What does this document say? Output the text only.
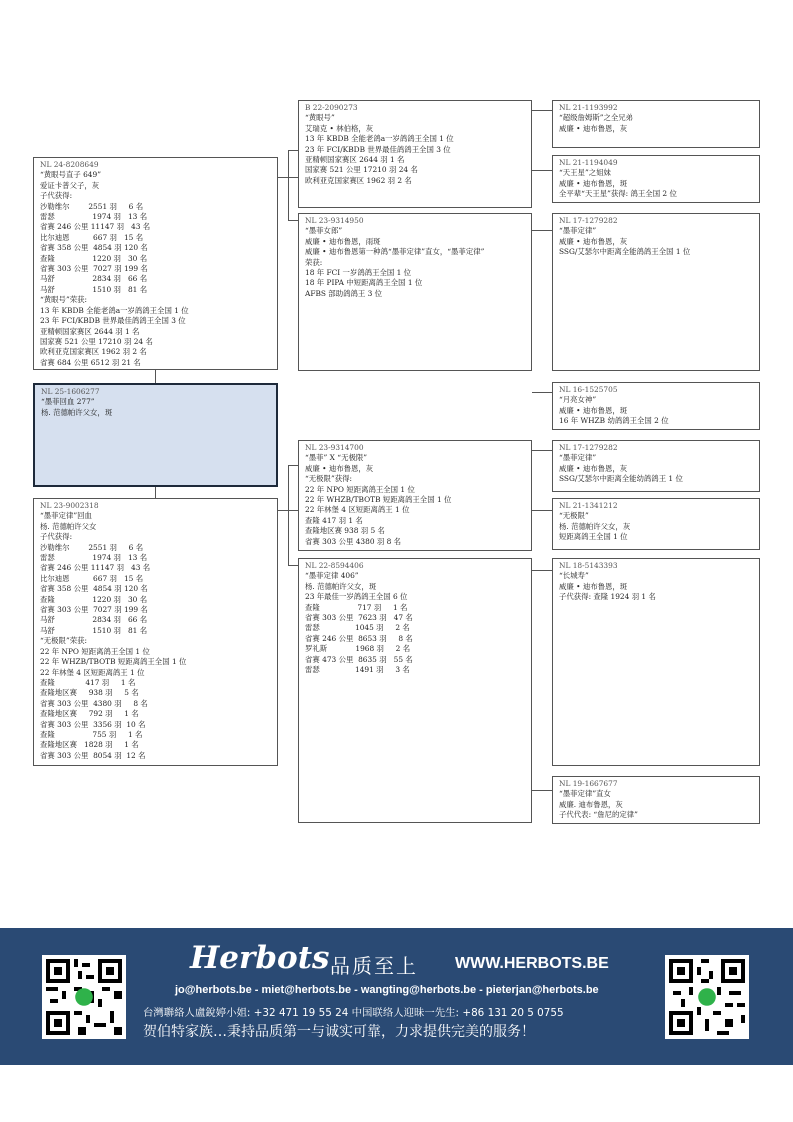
NL 24-8208649
“黄眼号直子 649”
爱证卡普父子，灰
子代获得:
沙勒维尔        2551 羽     6 名
雷瑟                1974 羽   13 名
省赛 246 公里 11147 羽   43 名
比尔迪恩          667 羽   15 名
省赛 358 公里  4854 羽 120 名
查隆                1220 羽   30 名
省赛 303 公里  7027 羽 199 名
马舒                2834 羽   66 名
马舒                1510 羽   81 名
“黄眼号”荣获:
13 年 KBDB 全能老鸽a一岁鸽鸽王全国 1 位
23 年 FCI/KBDB 世界最佳鸽鸽王全国 3 位
亚精顿国家赛区 2644 羽 1 名
国家赛 521 公里 17210 羽 24 名
欧利亚克国家赛区 1962 羽 2 名
省赛 684 公里 6512 羽 21 名
NL 25-1606277
“墨菲回血 277”
杨. 范德帕许父女，斑
NL 23-9002318
“墨菲定律”回血
杨. 范德帕许父女
子代获得:
沙勒维尔        2551 羽     6 名
雷瑟                1974 羽   13 名
省赛 246 公里 11147 羽   43 名
比尔迪恩          667 羽   15 名
省赛 358 公里  4854 羽 120 名
查隆                1220 羽   30 名
省赛 303 公里  7027 羽 199 名
马舒                2834 羽   66 名
马舒                1510 羽   81 名
“无极限”荣获:
22 年 NPO 短距离鸽王全国 1 位
22 年 WHZB/TBOTB 短距离鸽王全国 1 位
22 年林堡 4 区短距离鸽王 1 位
查隆             417 羽     1 名
查隆地区赛     938 羽     5 名
省赛 303 公里  4380 羽     8 名
查隆地区赛     792 羽     1 名
省赛 303 公里  3356 羽  10 名
查隆                755 羽     1 名
查隆地区赛   1828 羽     1 名
省赛 303 公里  8054 羽  12 名
B 22-2090273
“黄眼号”
艾瑞克 • 林伯格，灰
13 年 KBDB 全能老鸽a一岁鸽鸽王全国 1 位
23 年 FCI/KBDB 世界最佳鸽鸽王全国 3 位
亚精顿国家赛区 2644 羽 1 名
国家赛 521 公里 17210 羽 24 名
欧利亚克国家赛区 1962 羽 2 名
NL 23-9314950
“墨菲女郎”
威廉 • 迪布鲁恩，雨斑
威廉 • 迪布鲁恩第一种鸽“墨菲定律”直女，“墨菲定律”
荣获:
18 年 FCI 一岁鸽鸽王全国 1 位
18 年 PIPA 中短距离鸽王全国 1 位
AFBS 部助鸽鸽王 3 位
NL 23-9314700
“墨菲” X “无极限”
威廉 • 迪布鲁恩，灰
“无极限”获得:
22 年 NPO 短距离鸽王全国 1 位
22 年 WHZB/TBOTB 短距离鸽王全国 1 位
22 年林堡 4 区短距离鸽王 1 位
查隆 417 羽 1 名
查隆地区赛 938 羽 5 名
省赛 303 公里 4380 羽 8 名
NL 22-8594406
“墨菲定律 406”
杨. 范德帕许父女，斑
23 年最佳一岁鸽鸽王全国 6 位
查隆                717 羽     1 名
省赛 303 公里  7623 羽   47 名
雷瑟               1045 羽     2 名
省赛 246 公里  8653 羽     8 名
罗礼斯            1968 羽     2 名
省赛 473 公里  8635 羽   55 名
雷瑟               1491 羽     3 名
NL 21-1193992
“超级詹姆斯”之全兄弟
威廉 • 迪布鲁恩，灰
NL 21-1194049
“天王星”之姐妹
威廉 • 迪布鲁恩，斑
全平辈“天王星”获得: 鸽王全国 2 位
NL 17-1279282
“墨菲定律”
威廉 • 迪布鲁恩，灰
SSG/艾瑟尔中距离全能鸽鸽王全国 1 位
NL 16-1525705
“月亮女神”
威廉 • 迪布鲁恩，斑
16 年 WHZB 幼鸽鸽王全国 2 位
NL 17-1279282
“墨菲定律”
威廉 • 迪布鲁恩，灰
SSG/艾瑟尔中距离全能幼鸽鸽王 1 位
NL 21-1341212
“无极限”
杨. 范德帕许父女，灰
短距离鸽王全国 1 位
NL 18-5143393
“长城寿”
威廉 • 迪布鲁恩，斑
子代获得: 查隆 1924 羽 1 名
NL 19-1667677
“墨菲定律”直女
威廉. 迪布鲁恩，灰
子代代表: “詹尼的定律”
Herbots 品质至上 WWW.HERBOTS.BE
jo@herbots.be - miet@herbots.be - wangting@herbots.be - pieterjan@herbots.be
台灣聯絡人盧銳婷小姐: +32 471 19 55 24 中国联络人迎昧一先生: +86 131 20 5 0755
贺伯特家族…秉持品质第一与诚实可靠，力求提供完美的服务！
